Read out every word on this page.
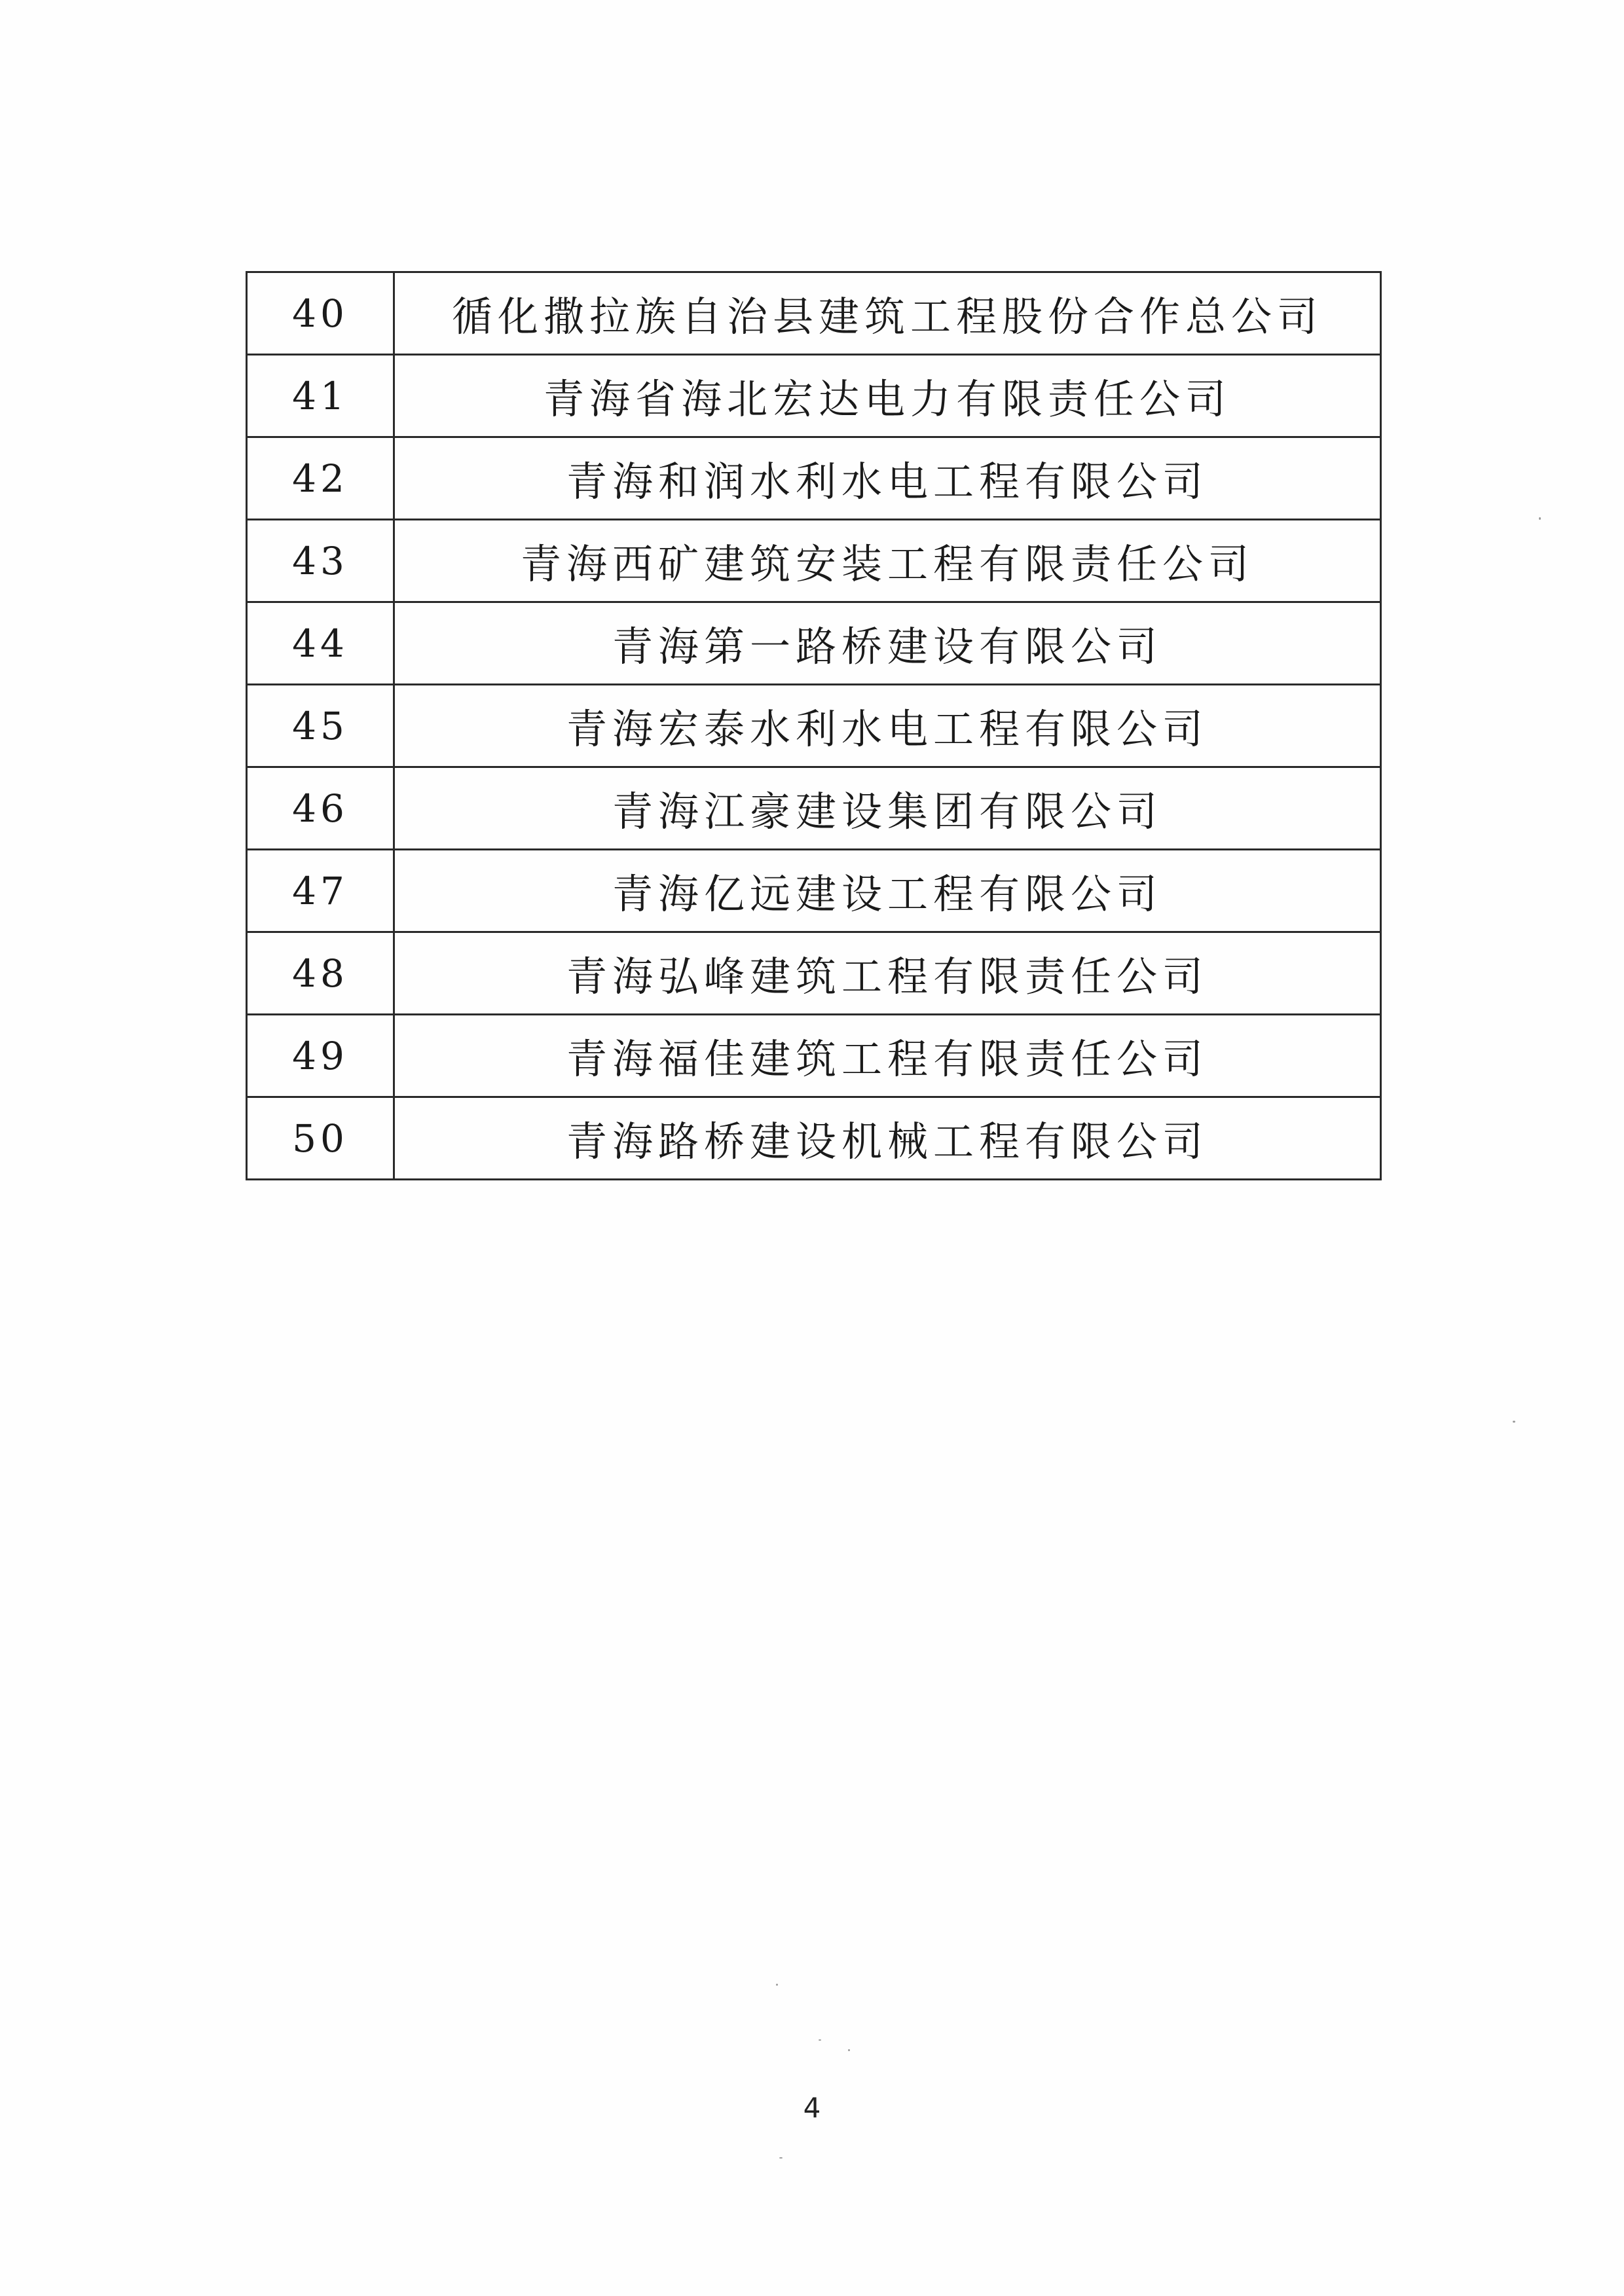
40	循化撒拉族自治县建筑工程股份合作总公司
41	青海省海北宏达电力有限责任公司
42	青海和润水利水电工程有限公司
43	青海西矿建筑安装工程有限责任公司
44	青海第一路桥建设有限公司
45	青海宏泰水利水电工程有限公司
46	青海江豪建设集团有限公司
47	青海亿远建设工程有限公司
48	青海弘峰建筑工程有限责任公司
49	青海福佳建筑工程有限责任公司
50	青海路桥建设机械工程有限公司
4
